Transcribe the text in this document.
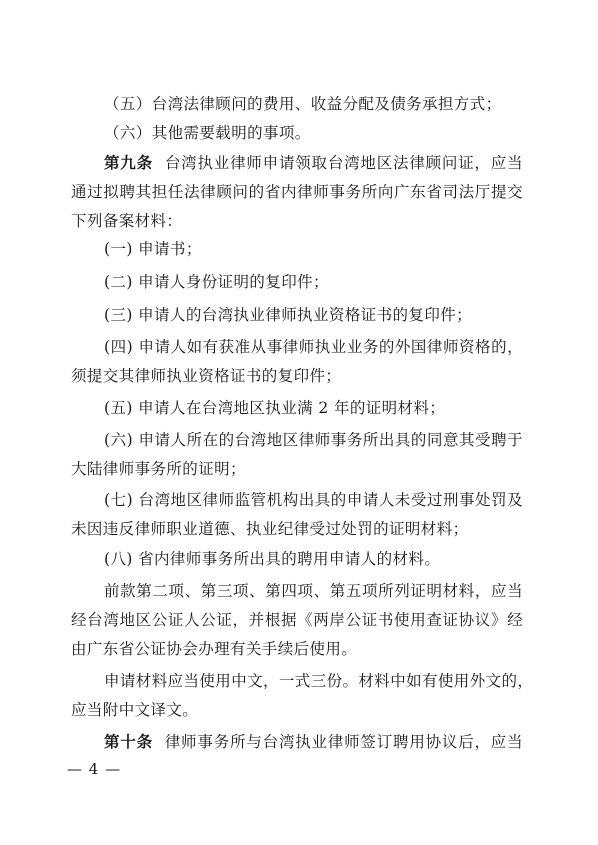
（五）台湾法律顾问的费用、收益分配及债务承担方式；

（六）其他需要载明的事项。

第九条 台湾执业律师申请领取台湾地区法律顾问证，应当
通过拟聘其担任法律顾问的省内律师事务所向广东省司法厅提交
下列备案材料：

(一) 申请书；

(二) 申请人身份证明的复印件；

(三) 申请人的台湾执业律师执业资格证书的复印件；

(四) 申请人如有获准从事律师执业业务的外国律师资格的，
须提交其律师执业资格证书的复印件；

(五) 申请人在台湾地区执业满 2 年的证明材料；

(六) 申请人所在的台湾地区律师事务所出具的同意其受聘于
大陆律师事务所的证明；
(七) 台湾地区律师监管机构出具的申请人未受过刑事处罚及
未因违反律师职业道德、执业纪律受过处罚的证明材料；

(八) 省内律师事务所出具的聘用申请人的材料。

前款第二项、第三项、第四项、第五项所列证明材料，应当
经台湾地区公证人公证，并根据《两岸公证书使用查证协议》经
由广东省公证协会办理有关手续后使用。
申请材料应当使用中文，一式三份。材料中如有使用外文的，
应当附中文译文。
第十条 律师事务所与台湾执业律师签订聘用协议后，应当
— 4 —
